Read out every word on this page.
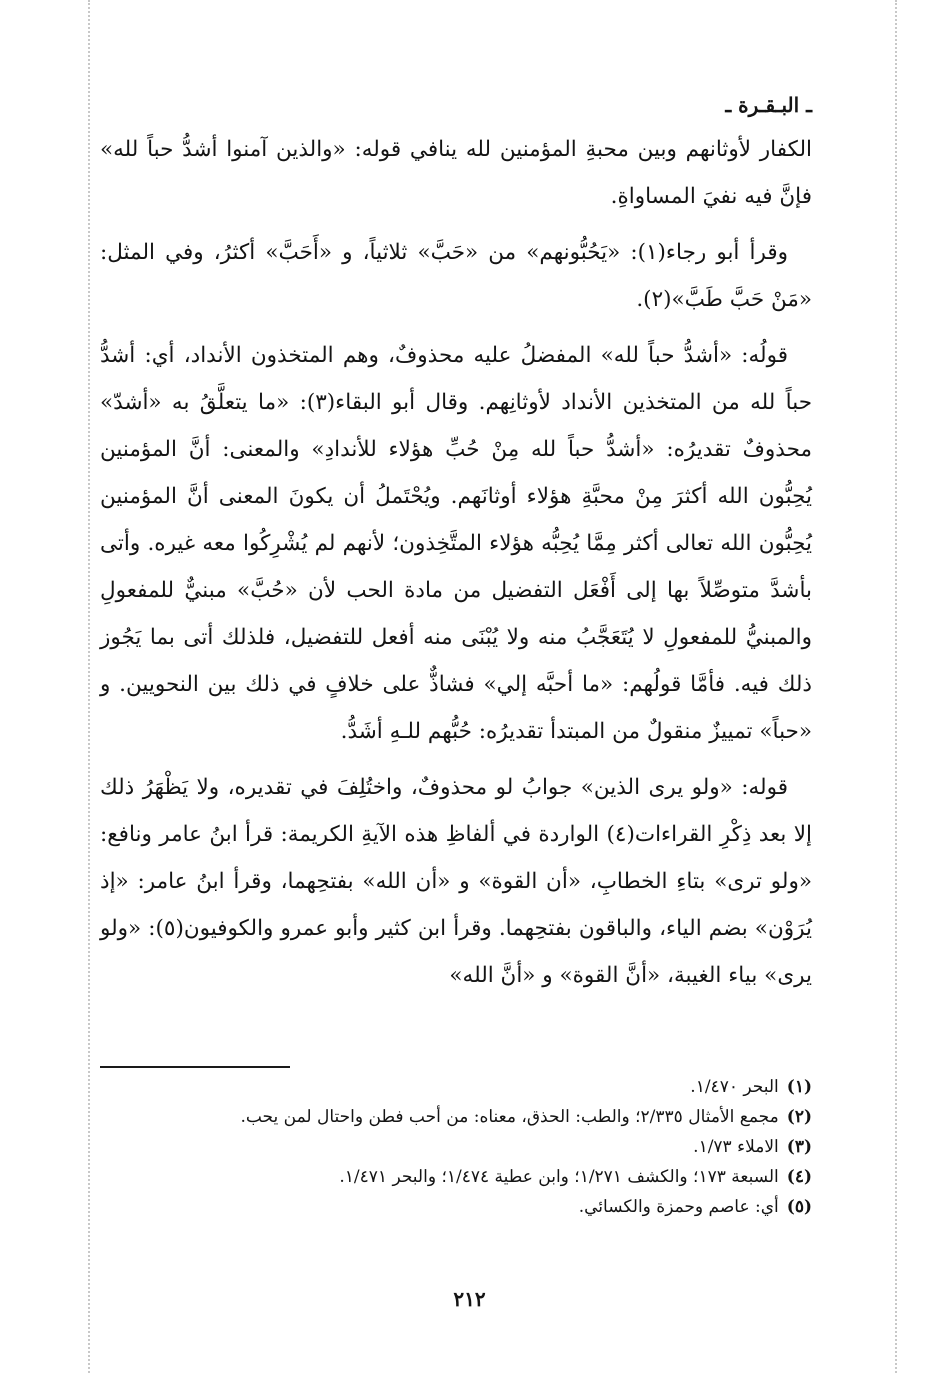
ـ البـقـرة ـ

الكفار لأوثانهم وبين محبةِ المؤمنين لله ينافي قوله: «والذين آمنوا أشدُّ حباً لله» فإنَّ فيه نفيَ المساواةِ.

وقرأ أبو رجاء(١): «يَحُبُّونهم» من «حَبَّ» ثلاثياً، و «أَحَبَّ» أكثرُ، وفي المثل: «مَنْ حَبَّ طَبَّ»(٢).

قولُه: «أشدُّ حباً لله» المفضلُ عليه محذوفٌ، وهم المتخذون الأنداد، أي: أشدُّ حباً لله من المتخذين الأنداد لأوثانِهم. وقال أبو البقاء(٣): «ما يتعلَّقُ به «أشدّ» محذوفٌ تقديرُه: «أشدُّ حباً لله مِنْ حُبِّ هؤلاء للأندادِ» والمعنى: أنَّ المؤمنين يُحِبُّون الله أكثرَ مِنْ محبَّةِ هؤلاء أوثانَهم. ويُحْتَملُ أن يكونَ المعنى أنَّ المؤمنين يُحِبُّون الله تعالى أكثر مِمَّا يُحِبُّه هؤلاء المتَّخِذون؛ لأنهم لم يُشْرِكُوا معه غيره. وأتى بأشدَّ متوصِّلاً بها إلى أَفْعَل التفضيل من مادة الحب لأن «حُبَّ» مبنيٌّ للمفعولِ والمبنيُّ للمفعولِ لا يُتَعَجَّبُ منه ولا يُبْنَى منه أفعل للتفضيل، فلذلك أتى بما يَجُوز ذلك فيه. فأمَّا قولُهم: «ما أحبَّه إلي» فشاذٌّ على خلافٍ في ذلك بين النحويين. و «حباً» تمييزٌ منقولٌ من المبتدأ تقديرُه: حُبُّهم للـهِ أشَدُّ.

قوله: «ولو يرى الذين» جوابُ لو محذوفٌ، واختُلِفَ في تقديره، ولا يَظْهَرُ ذلك إلا بعد ذِكْرِ القراءات(٤) الواردة في ألفاظِ هذه الآيةِ الكريمة: قرأ ابنُ عامر ونافع: «ولو ترى» بتاءِ الخطابِ، «أن القوة» و «أن الله» بفتحِهما، وقرأ ابنُ عامر: «إذ يُرَوْن» بضم الياء، والباقون بفتحِهما. وقرأ ابن كثير وأبو عمرو والكوفيون(٥): «ولو يرى» بياء الغيبة، «أنَّ القوة» و «أنَّ الله»

(١)البحر ١/٤٧٠.
(٢)مجمع الأمثال ٢/٣٣٥؛ والطب: الحذق، معناه: من أحب فطن واحتال لمن يحب.
(٣)الاملاء ١/٧٣.
(٤)السبعة ١٧٣؛ والكشف ١/٢٧١؛ وابن عطية ١/٤٧٤؛ والبحر ١/٤٧١.
(٥)أي: عاصم وحمزة والكسائي.
٢١٢
